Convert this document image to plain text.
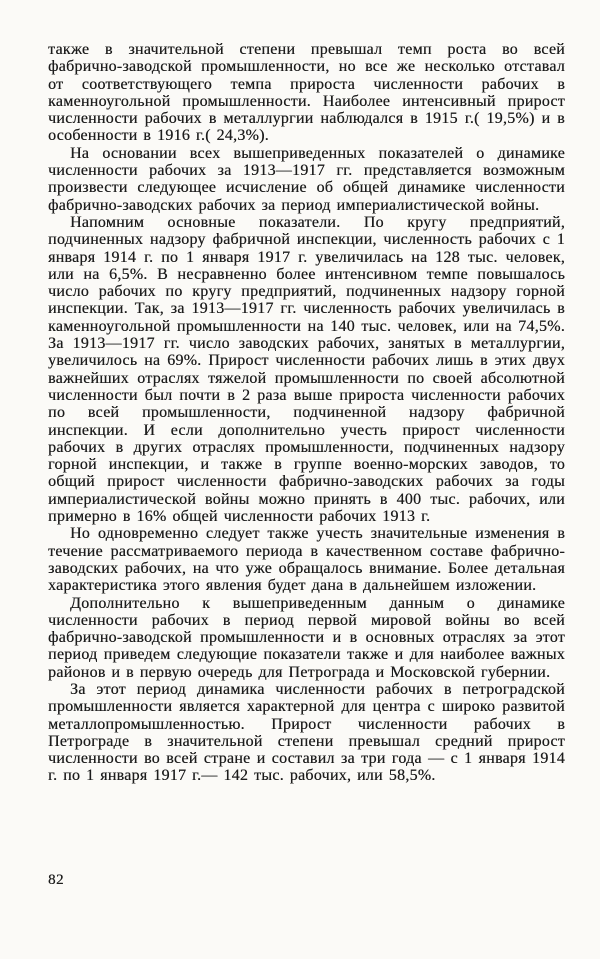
также в значительной степени превышал темп роста во всей фабрично-заводской промышленности, но все же несколько отставал от соответствующего темпа прироста численности рабочих в каменноугольной промышленности. Наиболее интенсивный прирост численности рабочих в металлургии наблюдался в 1915 г.( 19,5%) и в особенности в 1916 г.( 24,3%).

На основании всех вышеприведенных показателей о динамике численности рабочих за 1913—1917 гг. представляется возможным произвести следующее исчисление об общей динамике численности фабрично-заводских рабочих за период империалистической войны.

Напомним основные показатели. По кругу предприятий, подчиненных надзору фабричной инспекции, численность рабочих с 1 января 1914 г. по 1 января 1917 г. увеличилась на 128 тыс. человек, или на 6,5%. В несравненно более интенсивном темпе повышалось число рабочих по кругу предприятий, подчиненных надзору горной инспекции. Так, за 1913—1917 гг. численность рабочих увеличилась в каменноугольной промышленности на 140 тыс. человек, или на 74,5%. За 1913—1917 гг. число заводских рабочих, занятых в металлургии, увеличилось на 69%. Прирост численности рабочих лишь в этих двух важнейших отраслях тяжелой промышленности по своей абсолютной численности был почти в 2 раза выше прироста численности рабочих по всей промышленности, подчиненной надзору фабричной инспекции. И если дополнительно учесть прирост численности рабочих в других отраслях промышленности, подчиненных надзору горной инспекции, и также в группе военно-морских заводов, то общий прирост численности фабрично-заводских рабочих за годы империалистической войны можно принять в 400 тыс. рабочих, или примерно в 16% общей численности рабочих 1913 г.

Но одновременно следует также учесть значительные изменения в течение рассматриваемого периода в качественном составе фабрично-заводских рабочих, на что уже обращалось внимание. Более детальная характеристика этого явления будет дана в дальнейшем изложении.

Дополнительно к вышеприведенным данным о динамике численности рабочих в период первой мировой войны во всей фабрично-заводской промышленности и в основных отраслях за этот период приведем следующие показатели также и для наиболее важных районов и в первую очередь для Петрограда и Московской губернии.

За этот период динамика численности рабочих в петроградской промышленности является характерной для центра с широко развитой металлопромышленностью. Прирост численности рабочих в Петрограде в значительной степени превышал средний прирост численности во всей стране и составил за три года — с 1 января 1914 г. по 1 января 1917 г.— 142 тыс. рабочих, или 58,5%.

82
